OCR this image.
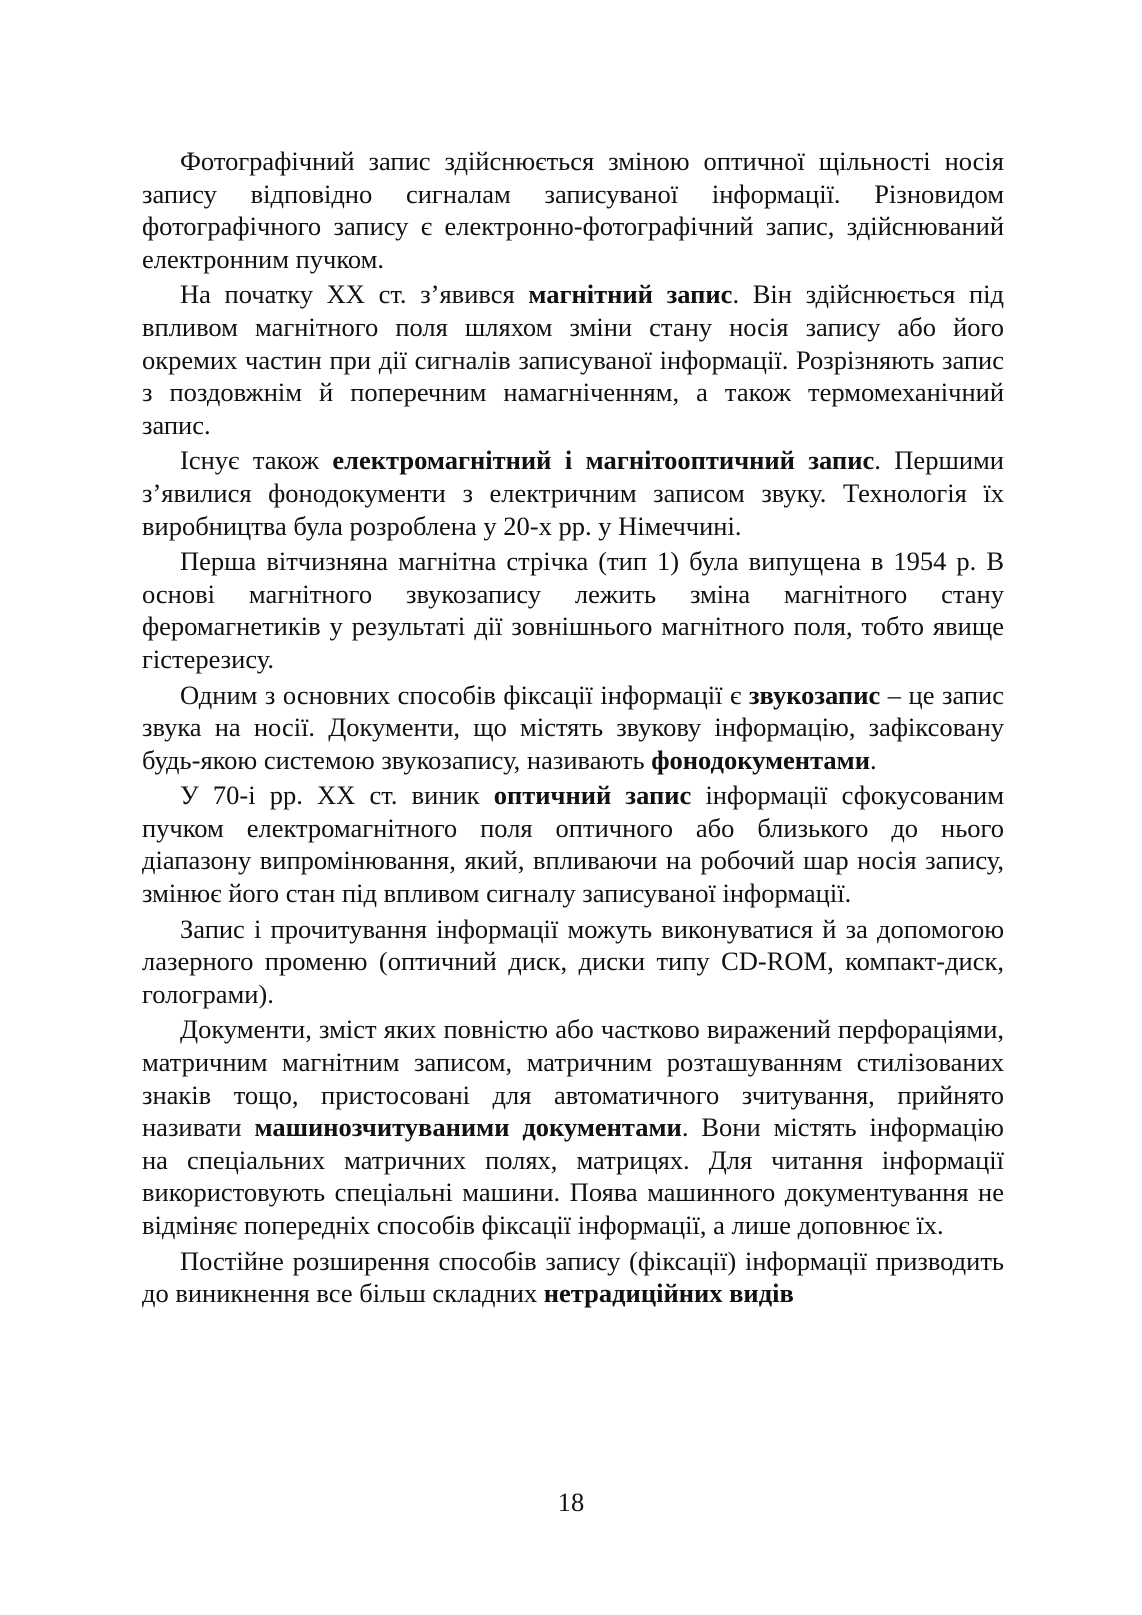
Фотографічний запис здійснюється зміною оптичної щільності носія запису відповідно сигналам записуваної інформації. Різновидом фотографічного запису є електронно-фотографічний запис, здійснюваний електронним пучком.

На початку ХХ ст. з’явився магнітний запис. Він здійснюється під впливом магнітного поля шляхом зміни стану носія запису або його окремих частин при дії сигналів записуваної інформації. Розрізняють запис з поздовжнім й поперечним намагніченням, а також термомеханічний запис.

Існує також електромагнітний і магнітооптичний запис. Першими з’явилися фонодокументи з електричним записом звуку. Технологія їх виробництва була розроблена у 20-х рр. у Німеччині.

Перша вітчизняна магнітна стрічка (тип 1) була випущена в 1954 р. В основі магнітного звукозапису лежить зміна магнітного стану феромагнетиків у результаті дії зовнішнього магнітного поля, тобто явище гістерезису.

Одним з основних способів фіксації інформації є звукозапис – це запис звука на носії. Документи, що містять звукову інформацію, зафіксовану будь-якою системою звукозапису, називають фонодокументами.

У 70-і рр. ХХ ст. виник оптичний запис інформації сфокусованим пучком електромагнітного поля оптичного або близького до нього діапазону випромінювання, який, впливаючи на робочий шар носія запису, змінює його стан під впливом сигналу записуваної інформації.

Запис і прочитування інформації можуть виконуватися й за допомогою лазерного променю (оптичний диск, диски типу CD-ROM, компакт-диск, голограми).

Документи, зміст яких повністю або частково виражений перфораціями, матричним магнітним записом, матричним розташуванням стилізованих знаків тощо, пристосовані для автоматичного зчитування, прийнято називати машинозчитуваними документами. Вони містять інформацію на спеціальних матричних полях, матрицях. Для читання інформації використовують спеціальні машини. Поява машинного документування не відміняє попередніх способів фіксації інформації, а лише доповнює їх.

Постійне розширення способів запису (фіксації) інформації призводить до виникнення все більш складних нетрадиційних видів

18
